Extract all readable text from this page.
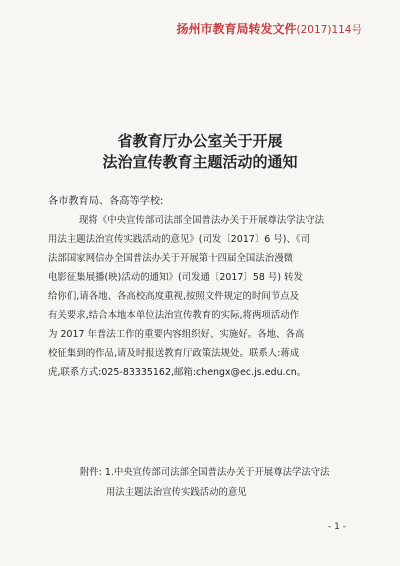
扬州市教育局转发文件(2017)114号
省教育厅办公室关于开展
法治宣传教育主题活动的通知
各市教育局、各高等学校:
现将《中央宣传部司法部全国普法办关于开展尊法学法守法
用法主题法治宣传实践活动的意见》(司发〔2017〕6 号)、《司
法部国家网信办全国普法办关于开展第十四届全国法治漫微
电影征集展播(映)活动的通知》(司发通〔2017〕58 号) 转发
给你们,请各地、各高校高度重视,按照文件规定的时间节点及
有关要求,结合本地本单位法治宣传教育的实际,将两项活动作
为 2017 年普法工作的重要内容组织好、实施好。各地、各高
校征集到的作品,请及时报送教育厅政策法规处。联系人:蒋成
虎,联系方式:025-83335162,邮箱:chengx@ec.js.edu.cn。
附件: 1.中央宣传部司法部全国普法办关于开展尊法学法守法
用法主题法治宣传实践活动的意见
- 1 -
